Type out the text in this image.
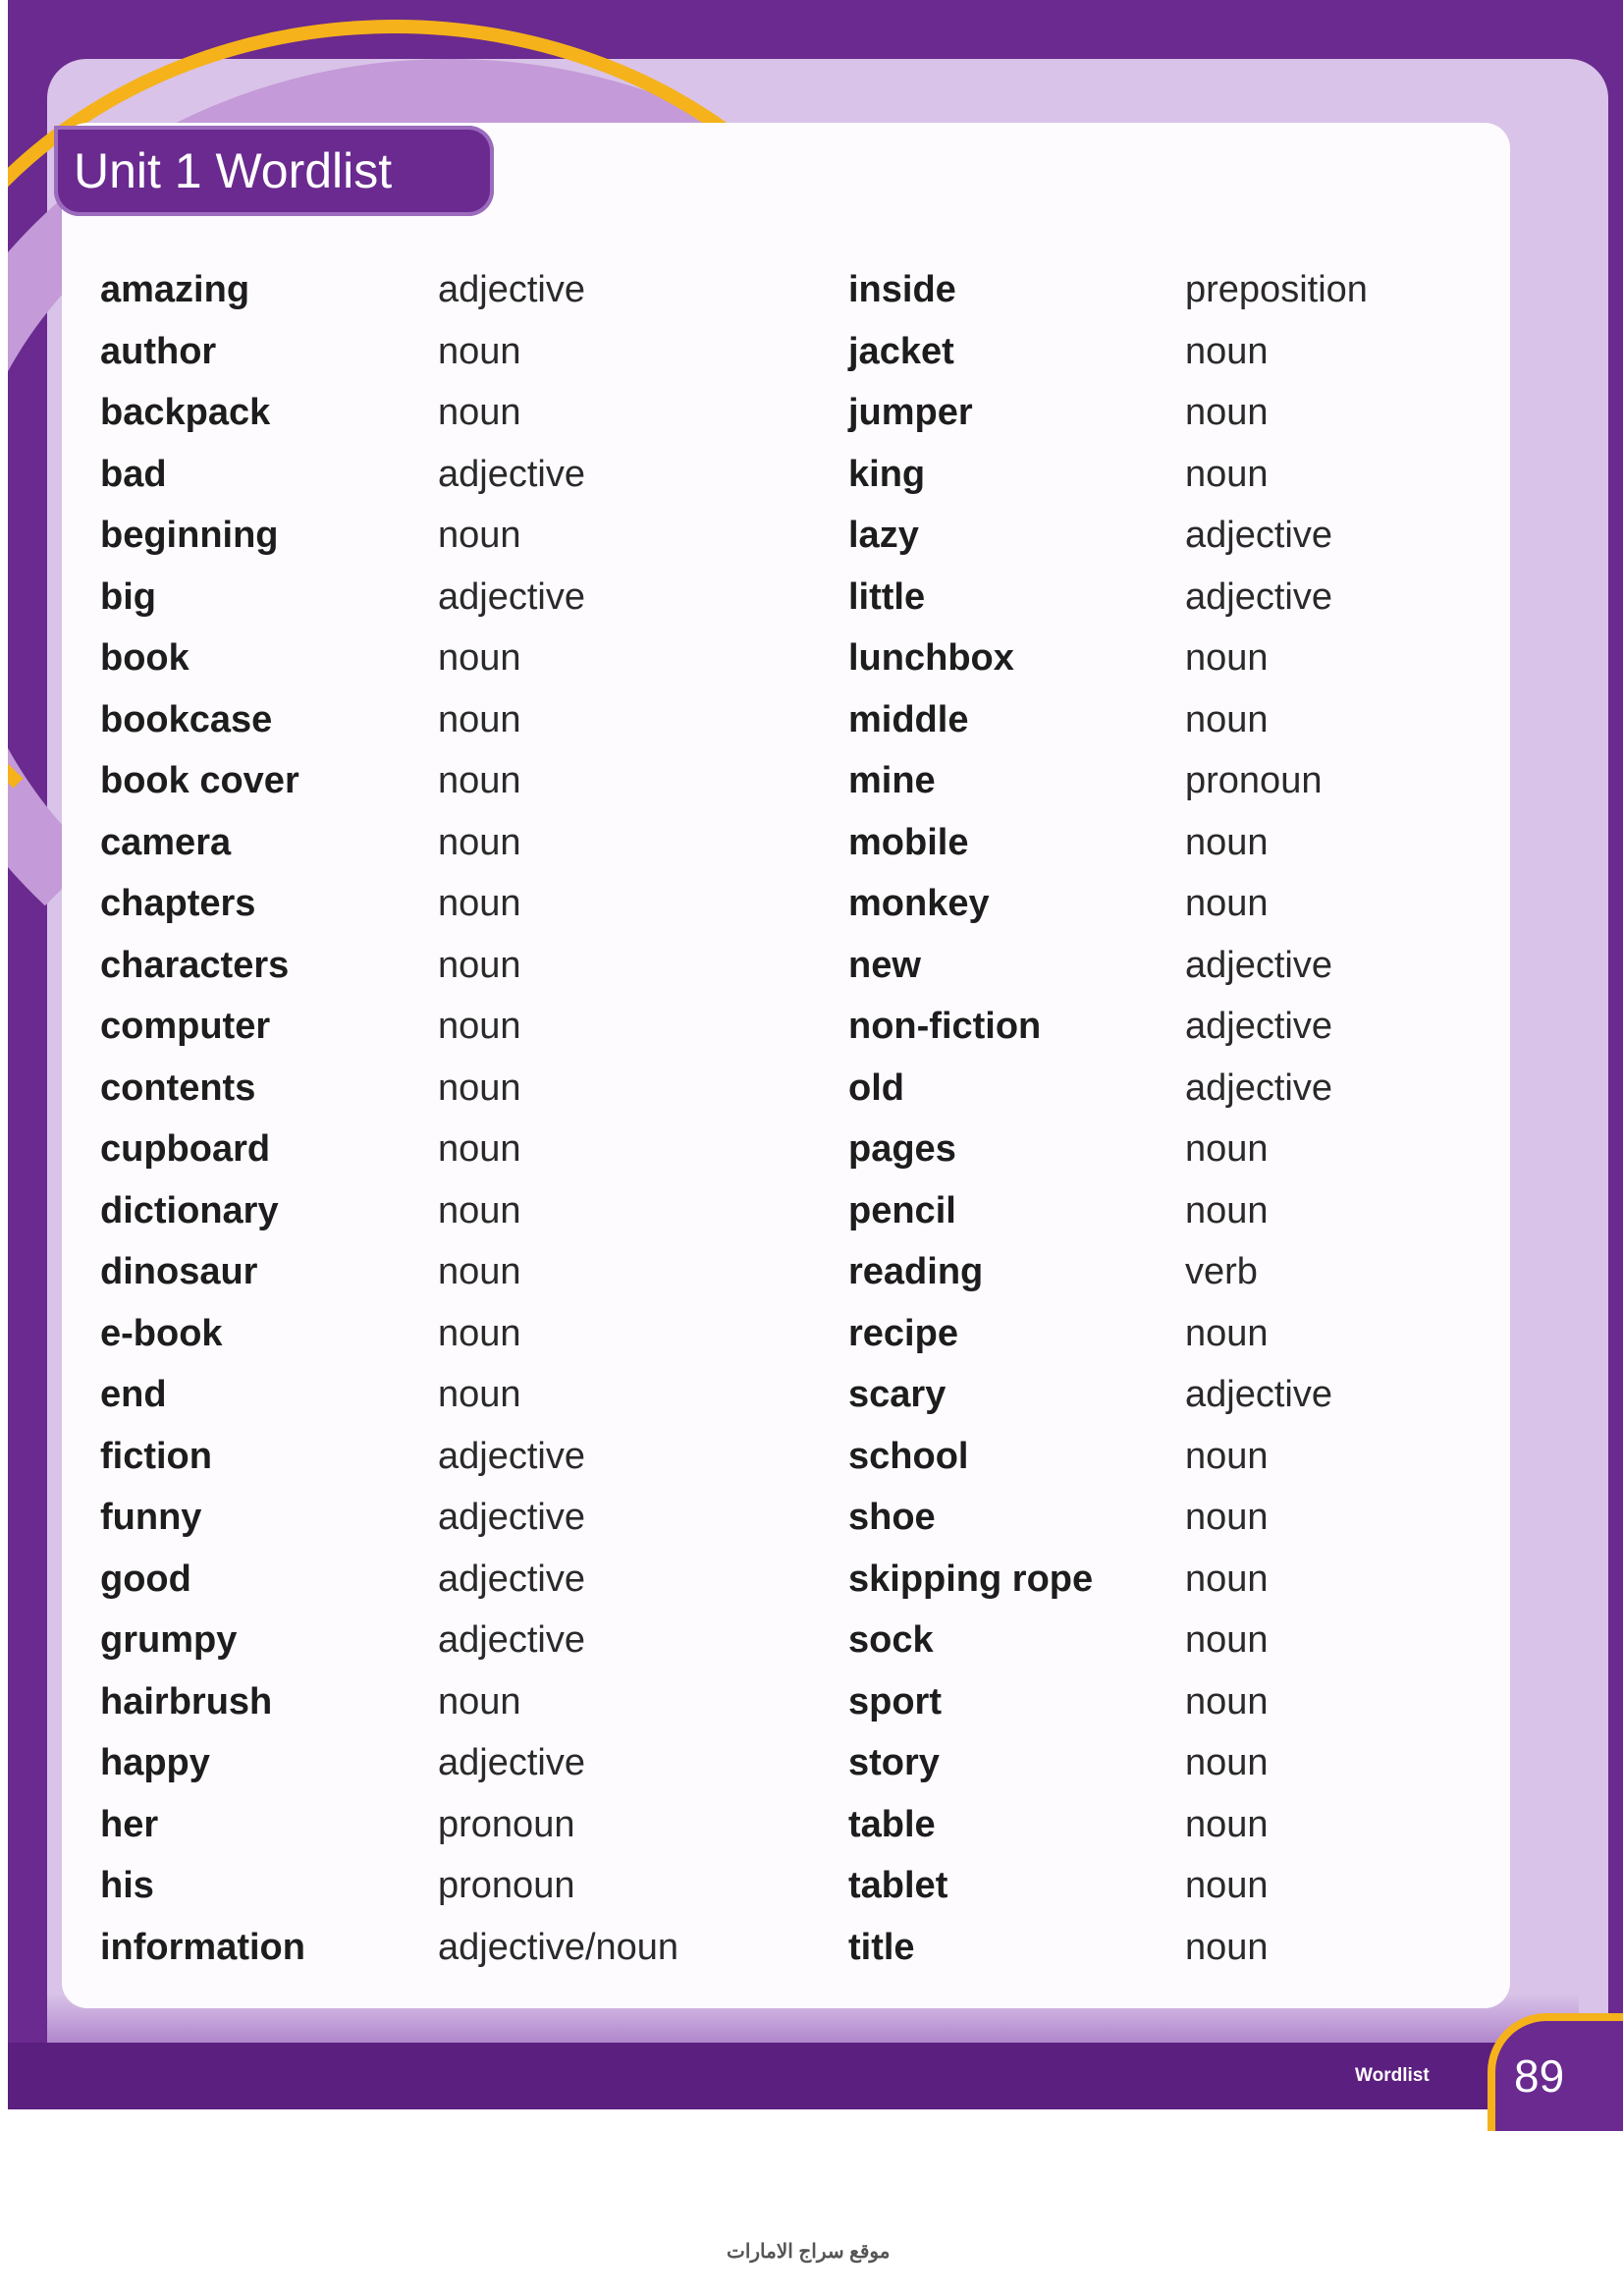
Unit 1 Wordlist
amazing
author
backpack
bad
beginning
big
book
bookcase
book cover
camera
chapters
characters
computer
contents
cupboard
dictionary
dinosaur
e-book
end
fiction
funny
good
grumpy
hairbrush
happy
her
his
information
adjective
noun
noun
adjective
noun
adjective
noun
noun
noun
noun
noun
noun
noun
noun
noun
noun
noun
noun
noun
adjective
adjective
adjective
adjective
noun
adjective
pronoun
pronoun
adjective/noun
inside
jacket
jumper
king
lazy
little
lunchbox
middle
mine
mobile
monkey
new
non-fiction
old
pages
pencil
reading
recipe
scary
school
shoe
skipping rope
sock
sport
story
table
tablet
title
preposition
noun
noun
noun
adjective
adjective
noun
noun
pronoun
noun
noun
adjective
adjective
adjective
noun
noun
verb
noun
adjective
noun
noun
noun
noun
noun
noun
noun
noun
noun
Wordlist 89
موقع سراج الامارات
